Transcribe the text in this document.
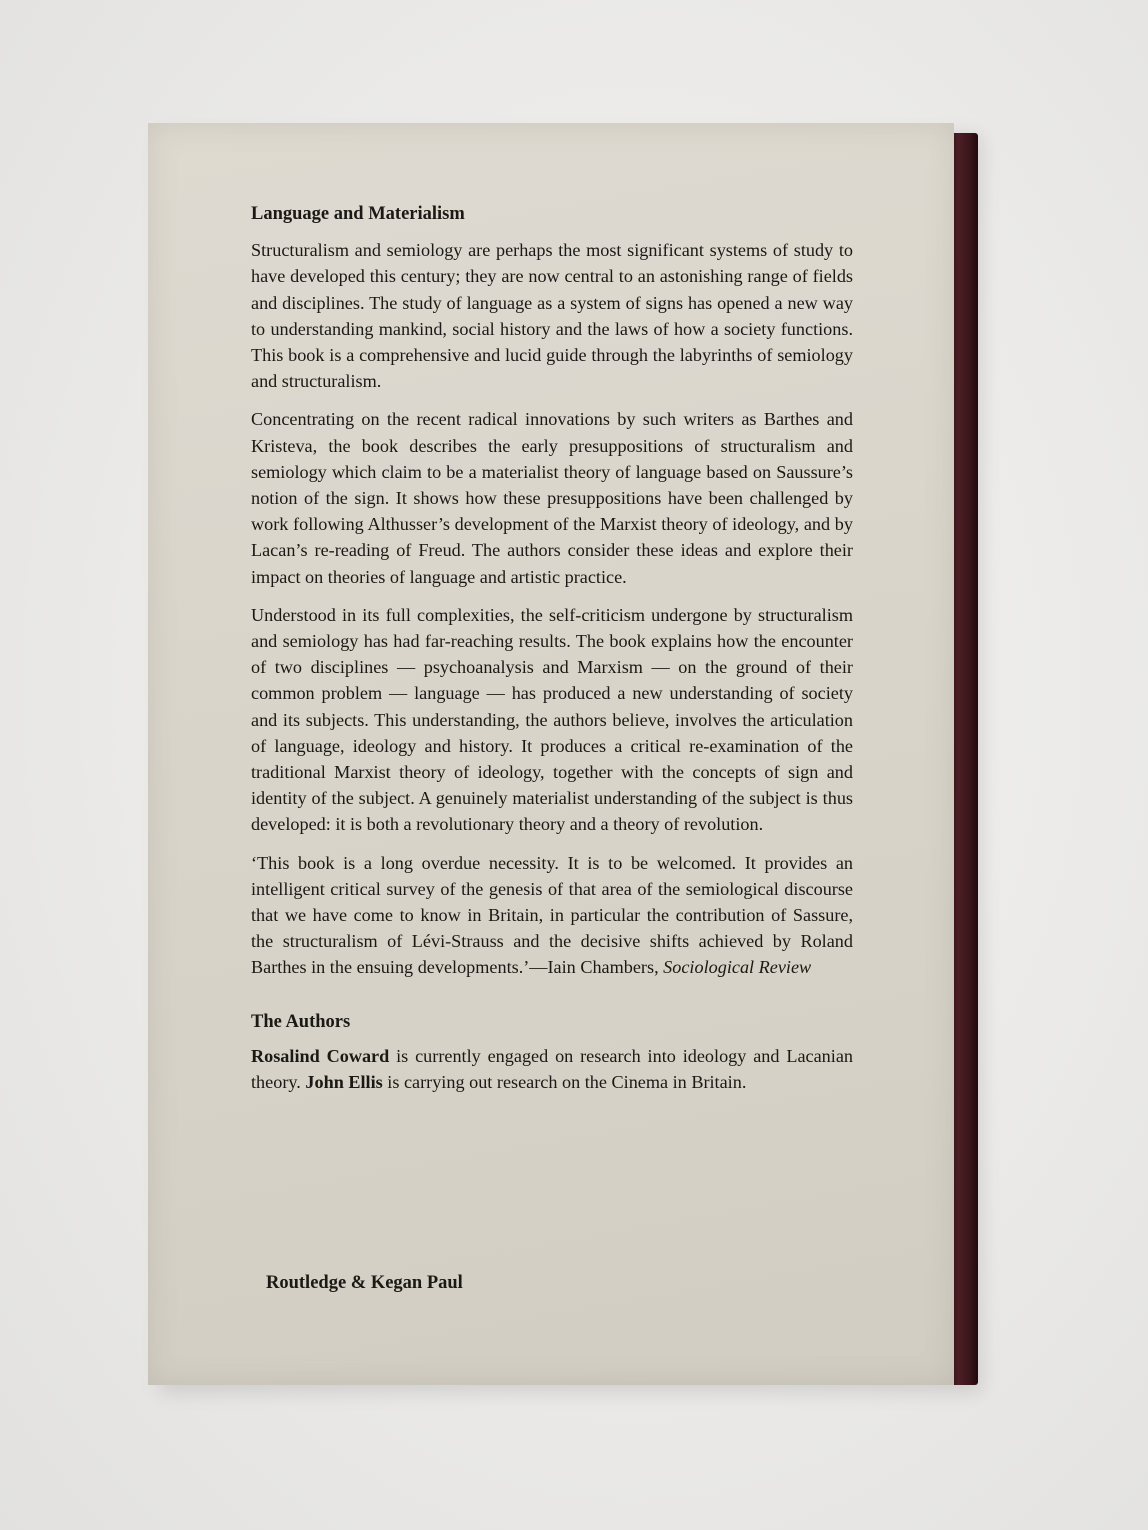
Language and Materialism

Structuralism and semiology are perhaps the most significant systems of study to have developed this century; they are now central to an astonishing range of fields and disciplines. The study of language as a system of signs has opened a new way to understanding mankind, social history and the laws of how a society functions. This book is a comprehensive and lucid guide through the labyrinths of semiology and structuralism.

Concentrating on the recent radical innovations by such writers as Barthes and Kristeva, the book describes the early presuppositions of structuralism and semiology which claim to be a materialist theory of language based on Saussure’s notion of the sign. It shows how these presuppositions have been challenged by work following Althusser’s development of the Marxist theory of ideology, and by Lacan’s re-reading of Freud. The authors consider these ideas and explore their impact on theories of language and artistic practice.

Understood in its full complexities, the self-criticism undergone by structuralism and semiology has had far-reaching results. The book explains how the encounter of two disciplines — psychoanalysis and Marxism — on the ground of their common problem — language — has produced a new understanding of society and its subjects. This understanding, the authors believe, involves the articulation of language, ideology and history. It produces a critical re-examination of the traditional Marxist theory of ideology, together with the concepts of sign and identity of the subject. A genuinely materialist understanding of the subject is thus developed: it is both a revolutionary theory and a theory of revolution.

‘This book is a long overdue necessity. It is to be welcomed. It provides an intelligent critical survey of the genesis of that area of the semiological discourse that we have come to know in Britain, in particular the contribution of Sassure, the structuralism of Lévi-Strauss and the decisive shifts achieved by Roland Barthes in the ensuing developments.’—Iain Chambers, Sociological Review

The Authors

Rosalind Coward is currently engaged on research into ideology and Lacanian theory. John Ellis is carrying out research on the Cinema in Britain.

Routledge & Kegan Paul
